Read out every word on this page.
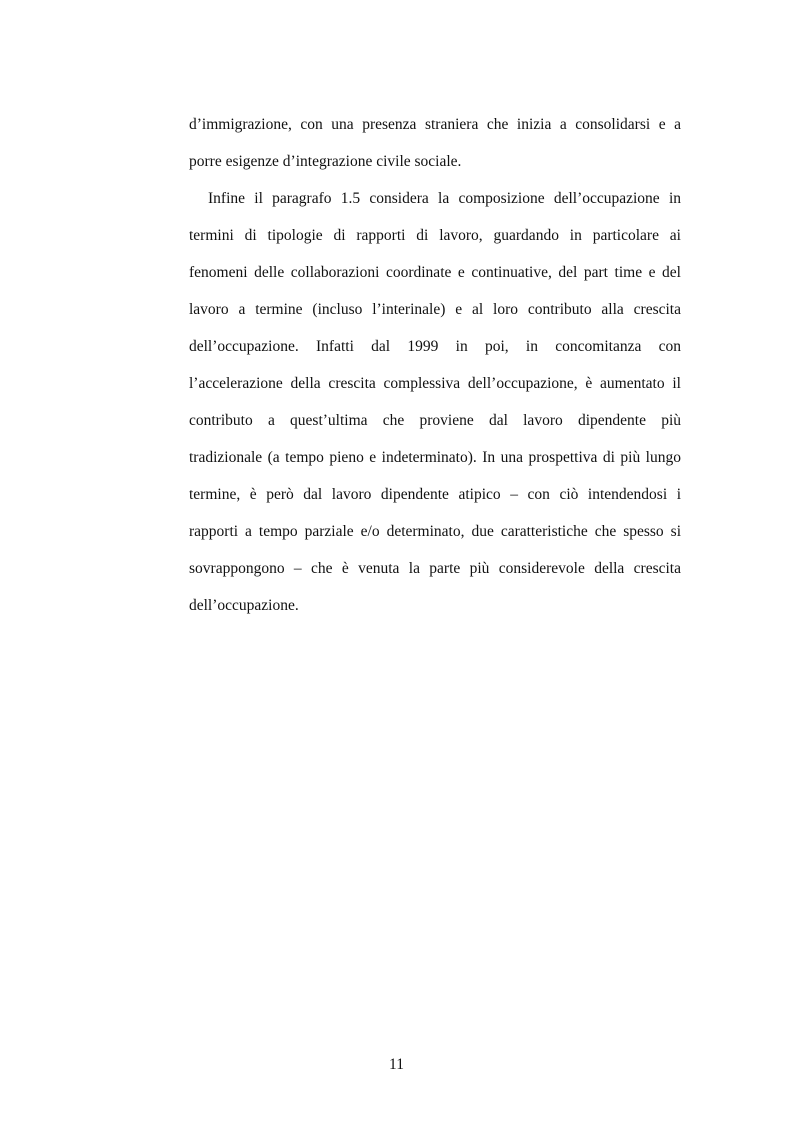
d’immigrazione, con una presenza straniera che inizia a consolidarsi e a
porre esigenze d’integrazione civile sociale.
Infine il paragrafo 1.5 considera la composizione dell’occupazione in
termini di tipologie di rapporti di lavoro, guardando in particolare ai
fenomeni delle collaborazioni coordinate e continuative, del part time e del
lavoro a termine (incluso l’interinale) e al loro contributo alla crescita
dell’occupazione. Infatti dal 1999 in poi, in concomitanza con
l’accelerazione della crescita complessiva dell’occupazione, è aumentato il
contributo a quest’ultima che proviene dal lavoro dipendente più
tradizionale (a tempo pieno e indeterminato). In una prospettiva di più lungo
termine, è però dal lavoro dipendente atipico – con ciò intendendosi i
rapporti a tempo parziale e/o determinato, due caratteristiche che spesso si
sovrappongono – che è venuta la parte più considerevole della crescita
dell’occupazione.
11
